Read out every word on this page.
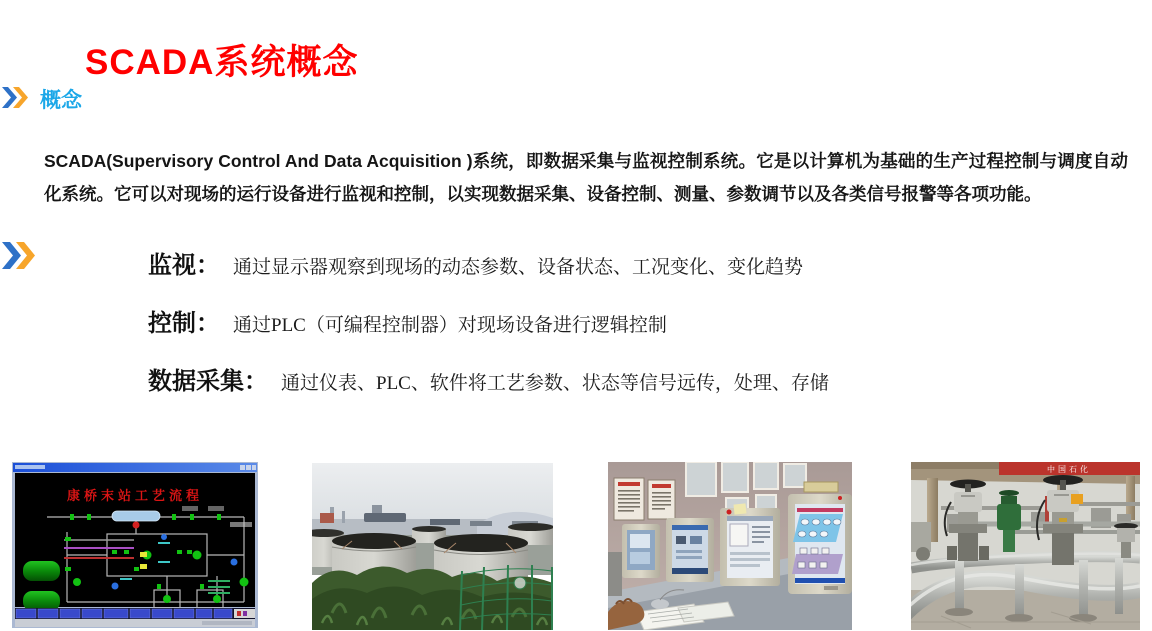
SCADA系统概念
概念

SCADA(Supervisory Control And Data Acquisition )系统，即数据采集与监视控制系统。它是以计算机为基础的生产过程控制与调度自动化系统。它可以对现场的运行设备进行监视和控制，以实现数据采集、设备控制、测量、参数调节以及各类信号报警等各项功能。

监视： 通过显示器观察到现场的动态参数、设备状态、工况变化、变化趋势
控制： 通过PLC（可编程控制器）对现场设备进行逻辑控制
数据采集： 通过仪表、PLC、软件将工艺参数、状态等信号远传，处理、存储
康桥末站工艺流程
中国石化
